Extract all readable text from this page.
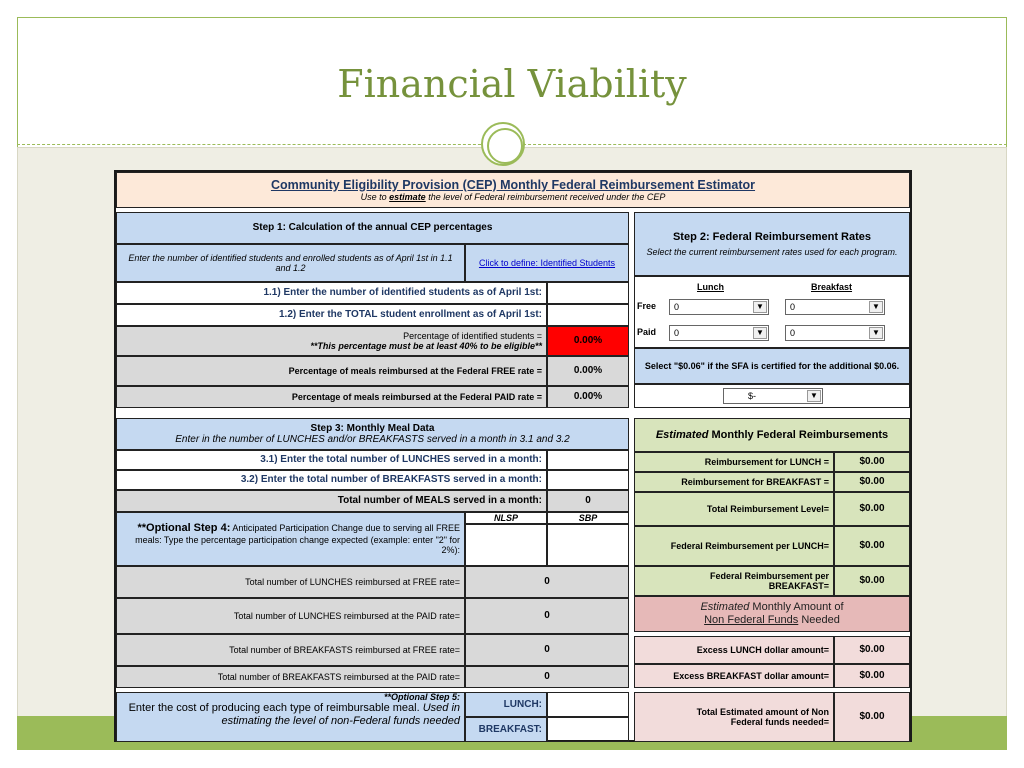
Financial Viability
Community Eligibility Provision (CEP) Monthly Federal Reimbursement Estimator
Use to estimate the level of Federal reimbursement received under the CEP
Step 1: Calculation of the annual CEP percentages
Enter the number of identified students and enrolled students as of April 1st in 1.1 and 1.2
Click to define: Identified Students
1.1) Enter the number of identified students as of April 1st:
1.2) Enter the TOTAL student enrollment as of April 1st:
Percentage of identified students =
**This percentage must be at least 40% to be eligible**	0.00%
Percentage of meals reimbursed at the Federal FREE rate =	0.00%
Percentage of meals reimbursed at the Federal PAID rate =	0.00%
Step 3: Monthly Meal Data
Enter in the number of LUNCHES and/or BREAKFASTS served in a month in 3.1 and 3.2
3.1) Enter the total number of LUNCHES served in a month:
3.2) Enter the total number of BREAKFASTS served in a month:
Total number of MEALS served in a month:	0
**Optional Step 4: Anticipated Participation Change due to serving all FREE meals: Type the percentage participation change expected (example: enter "2" for 2%):
NLSP	SBP
Total number of LUNCHES reimbursed at FREE rate=	0
Total number of LUNCHES reimbursed at the PAID rate=	0
Total number of BREAKFASTS reimbursed at FREE rate=	0
Total number of BREAKFASTS reimbursed at the PAID rate=	0
**Optional Step 5:
Enter the cost of producing each type of reimbursable meal. Used in estimating the level of non-Federal funds needed
LUNCH:
BREAKFAST:
Step 2: Federal Reimbursement Rates
Select the current reimbursement rates used for each program.
Lunch	Breakfast
Free
Paid
0	▼	0	▼
0	▼	0	▼
Select "$0.06" if the SFA is certified for the additional $0.06.
$-	▼
Estimated Monthly Federal Reimbursements
Reimbursement for LUNCH =	$0.00
Reimbursement for BREAKFAST =	$0.00
Total Reimbursement Level=	$0.00
Federal Reimbursement per LUNCH=	$0.00
Federal Reimbursement per BREAKFAST=	$0.00
Estimated Monthly Amount of
Non Federal Funds Needed
Excess LUNCH dollar amount=	$0.00
Excess BREAKFAST dollar amount=	$0.00
Total Estimated amount of Non Federal funds needed=	$0.00
